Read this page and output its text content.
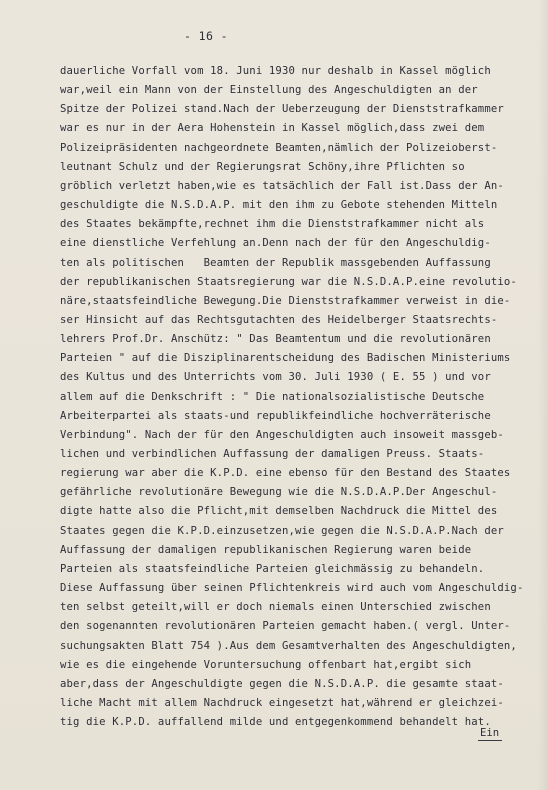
- 16 -
dauerliche Vorfall vom 18. Juni 1930 nur deshalb in Kassel möglich
war,weil ein Mann von der Einstellung des Angeschuldigten an der
Spitze der Polizei stand.Nach der Ueberzeugung der Dienststrafkammer
war es nur in der Aera Hohenstein in Kassel möglich,dass zwei dem
Polizeipräsidenten nachgeordnete Beamten,nämlich der Polizeioberst-
leutnant Schulz und der Regierungsrat Schöny,ihre Pflichten so
gröblich verletzt haben,wie es tatsächlich der Fall ist.Dass der An-
geschuldigte die N.S.D.A.P. mit den ihm zu Gebote stehenden Mitteln
des Staates bekämpfte,rechnet ihm die Dienststrafkammer nicht als
eine dienstliche Verfehlung an.Denn nach der für den Angeschuldig-
ten als politischen   Beamten der Republik massgebenden Auffassung
der republikanischen Staatsregierung war die N.S.D.A.P.eine revolutio-
näre,staatsfeindliche Bewegung.Die Dienststrafkammer verweist in die-
ser Hinsicht auf das Rechtsgutachten des Heidelberger Staatsrechts-
lehrers Prof.Dr. Anschütz: " Das Beamtentum und die revolutionären
Parteien " auf die Disziplinarentscheidung des Badischen Ministeriums
des Kultus und des Unterrichts vom 30. Juli 1930 ( E. 55 ) und vor
allem auf die Denkschrift : " Die nationalsozialistische Deutsche
Arbeiterpartei als staats-und republikfeindliche hochverräterische
Verbindung". Nach der für den Angeschuldigten auch insoweit massgeb-
lichen und verbindlichen Auffassung der damaligen Preuss. Staats-
regierung war aber die K.P.D. eine ebenso für den Bestand des Staates
gefährliche revolutionäre Bewegung wie die N.S.D.A.P.Der Angeschul-
digte hatte also die Pflicht,mit demselben Nachdruck die Mittel des
Staates gegen die K.P.D.einzusetzen,wie gegen die N.S.D.A.P.Nach der
Auffassung der damaligen republikanischen Regierung waren beide
Parteien als staatsfeindliche Parteien gleichmässig zu behandeln.
Diese Auffassung über seinen Pflichtenkreis wird auch vom Angeschuldig-
ten selbst geteilt,will er doch niemals einen Unterschied zwischen
den sogenannten revolutionären Parteien gemacht haben.( vergl. Unter-
suchungsakten Blatt 754 ).Aus dem Gesamtverhalten des Angeschuldigten,
wie es die eingehende Voruntersuchung offenbart hat,ergibt sich
aber,dass der Angeschuldigte gegen die N.S.D.A.P. die gesamte staat-
liche Macht mit allem Nachdruck eingesetzt hat,während er gleichzei-
tig die K.P.D. auffallend milde und entgegenkommend behandelt hat.
Ein
